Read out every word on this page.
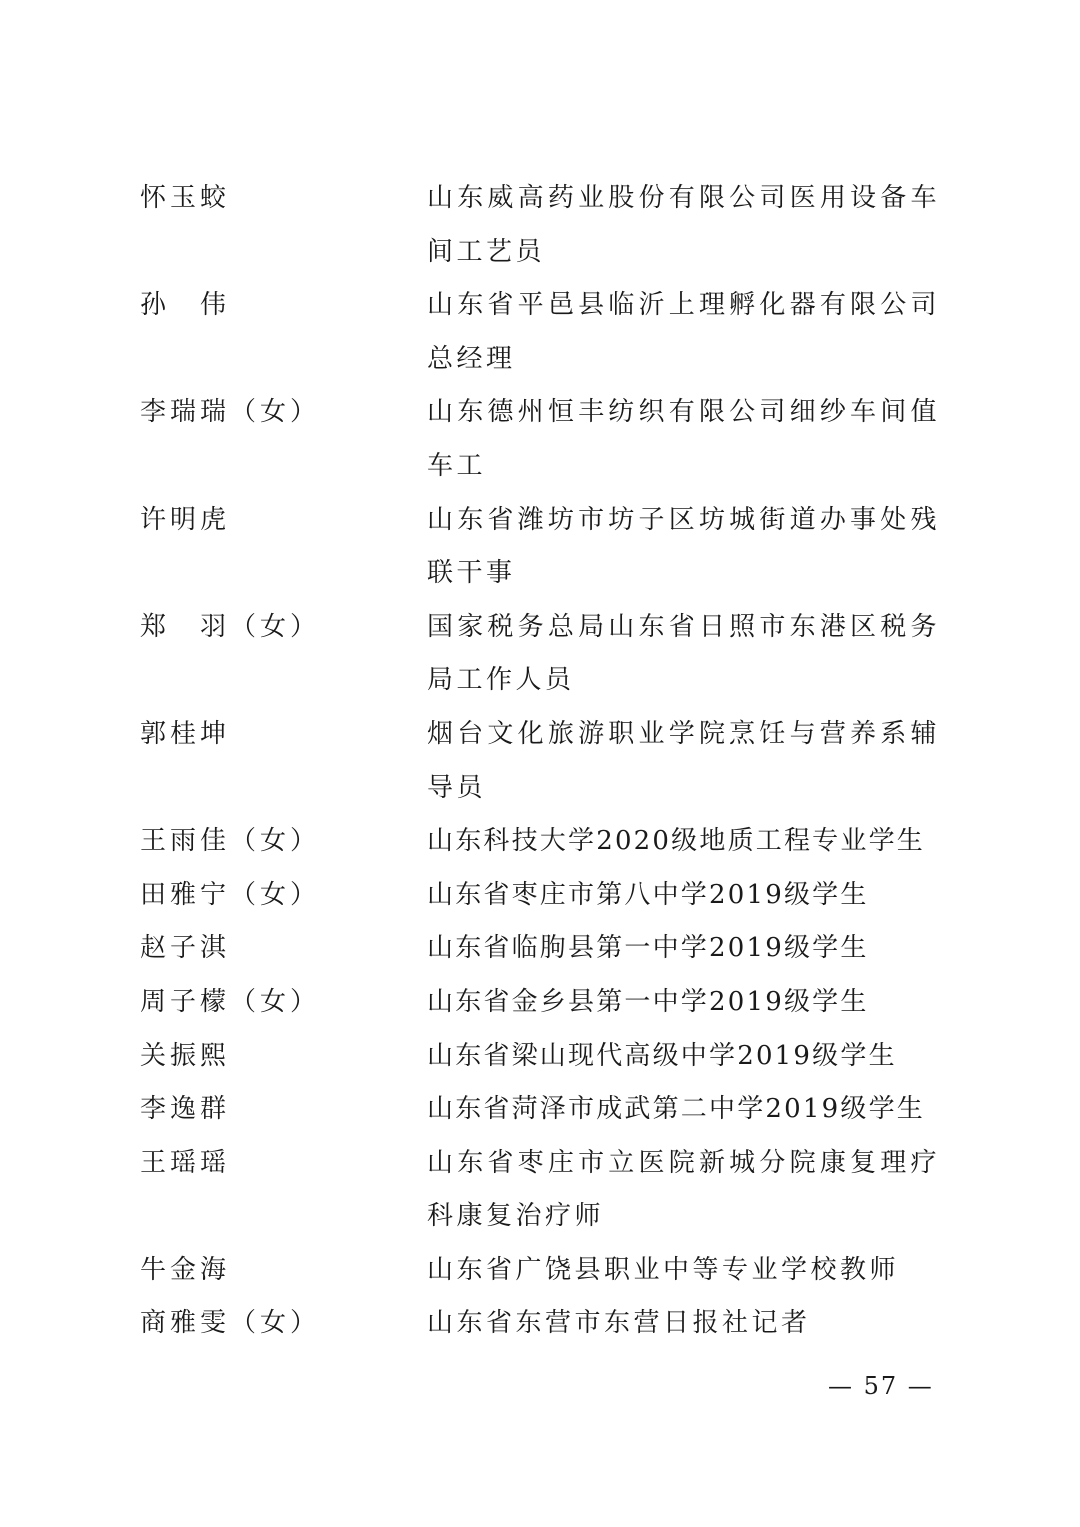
怀玉蛟	山东威高药业股份有限公司医用设备车间工艺员
孙　伟	山东省平邑县临沂上理孵化器有限公司总经理
李瑞瑞（女）	山东德州恒丰纺织有限公司细纱车间值车工
许明虎	山东省潍坊市坊子区坊城街道办事处残联干事
郑　羽（女）	国家税务总局山东省日照市东港区税务局工作人员
郭桂坤	烟台文化旅游职业学院烹饪与营养系辅导员
王雨佳（女）	山东科技大学2020级地质工程专业学生
田雅宁（女）	山东省枣庄市第八中学2019级学生
赵子淇	山东省临朐县第一中学2019级学生
周子檬（女）	山东省金乡县第一中学2019级学生
关振熙	山东省梁山现代高级中学2019级学生
李逸群	山东省菏泽市成武第二中学2019级学生
王瑶瑶	山东省枣庄市立医院新城分院康复理疗科康复治疗师
牛金海	山东省广饶县职业中等专业学校教师
商雅雯（女）	山东省东营市东营日报社记者
— 57 —
